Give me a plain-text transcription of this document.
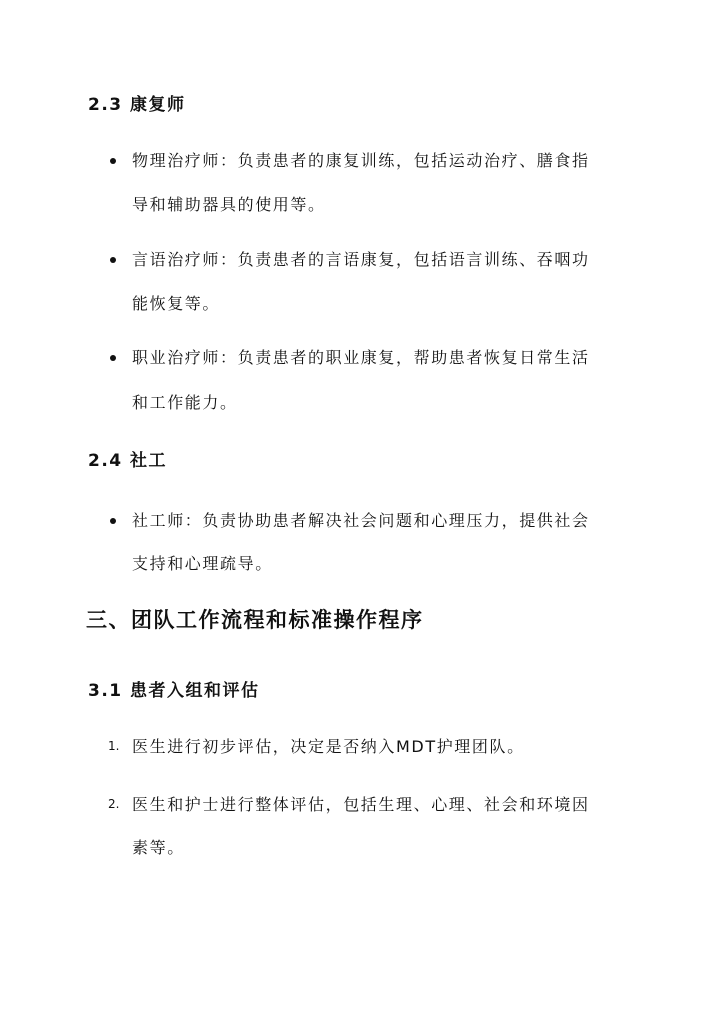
2.3 康复师
物理治疗师：负责患者的康复训练，包括运动治疗、膳食指
导和辅助器具的使用等。
言语治疗师：负责患者的言语康复，包括语言训练、吞咽功
能恢复等。
职业治疗师：负责患者的职业康复，帮助患者恢复日常生活
和工作能力。
2.4 社工
社工师：负责协助患者解决社会问题和心理压力，提供社会
支持和心理疏导。
三、团队工作流程和标准操作程序
3.1 患者入组和评估
1. 医生进行初步评估，决定是否纳入MDT护理团队。
2. 医生和护士进行整体评估，包括生理、心理、社会和环境因
素等。
